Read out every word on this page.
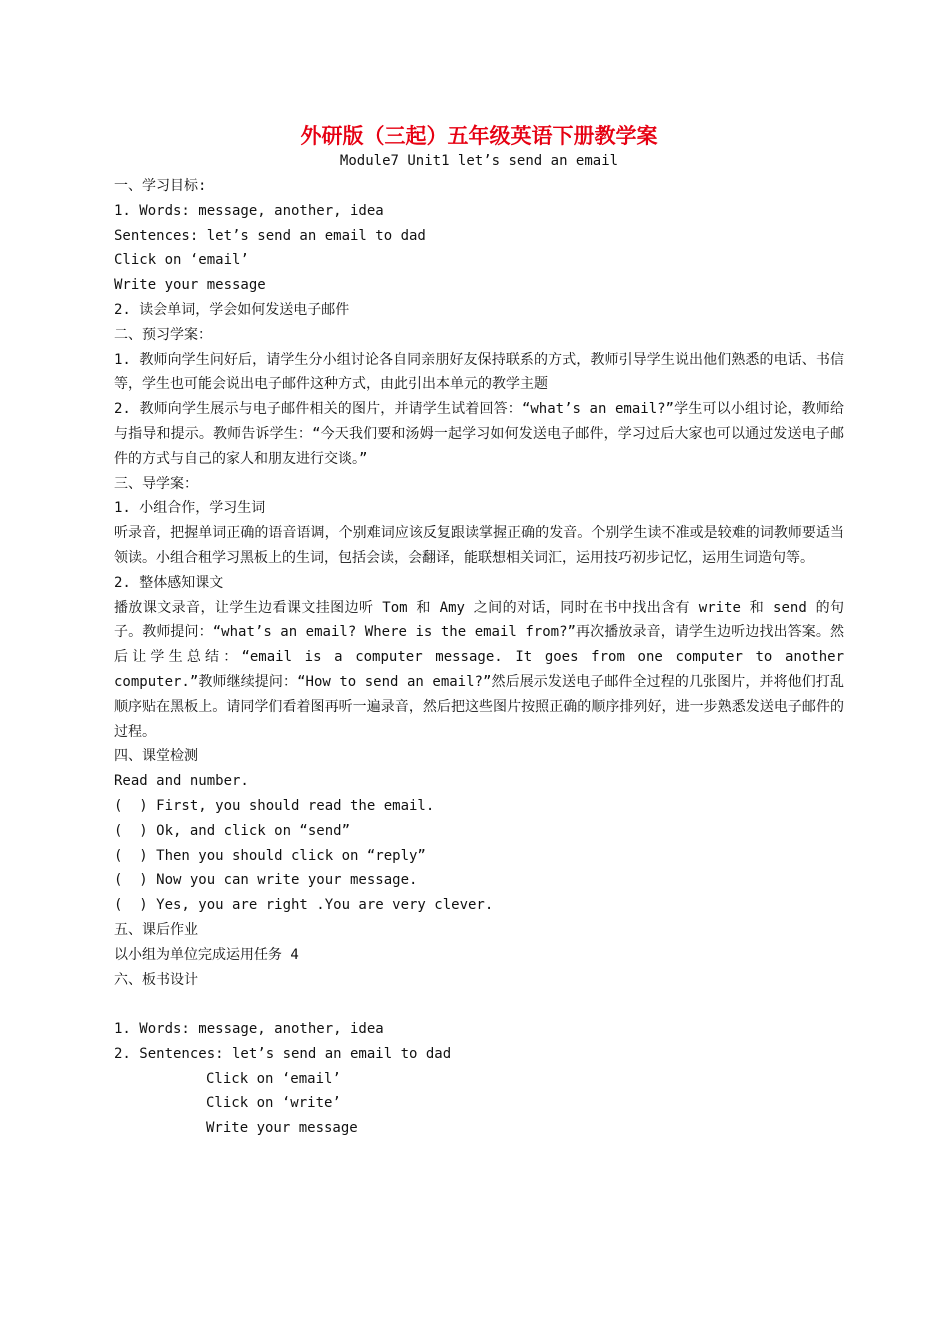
外研版（三起）五年级英语下册教学案
Module7 Unit1 let’s send an email

一、学习目标:

1. Words: message, another, idea

Sentences: let’s send an email to dad

Click on ‘email’

Write your message

2. 读会单词，学会如何发送电子邮件

二、预习学案：

1. 教师向学生问好后，请学生分小组讨论各自同亲朋好友保持联系的方式，教师引导学生说出他们熟悉的电话、书信等，学生也可能会说出电子邮件这种方式，由此引出本单元的教学主题

2. 教师向学生展示与电子邮件相关的图片，并请学生试着回答：“what’s an email?”学生可以小组讨论，教师给与指导和提示。教师告诉学生：“今天我们要和汤姆一起学习如何发送电子邮件，学习过后大家也可以通过发送电子邮件的方式与自己的家人和朋友进行交谈。”

三、导学案：

1. 小组合作，学习生词

听录音，把握单词正确的语音语调，个别难词应该反复跟读掌握正确的发音。个别学生读不准或是较难的词教师要适当领读。小组合租学习黑板上的生词，包括会读，会翻译，能联想相关词汇，运用技巧初步记忆，运用生词造句等。

2. 整体感知课文

播放课文录音，让学生边看课文挂图边听 Tom 和 Amy 之间的对话，同时在书中找出含有 write 和 send 的句子。教师提问：“what’s an email? Where is the email from?”再次播放录音，请学生边听边找出答案。然后让学生总结：“email is a computer message. It goes from one computer to another computer.”教师继续提问：“How to send an email?”然后展示发送电子邮件全过程的几张图片，并将他们打乱顺序贴在黑板上。请同学们看着图再听一遍录音，然后把这些图片按照正确的顺序排列好，进一步熟悉发送电子邮件的过程。

四、课堂检测

Read and number.

(  ) First, you should read the email.

(  ) Ok, and click on “send”

(  ) Then you should click on “reply”

(  ) Now you can write your message.

(  ) Yes, you are right .You are very clever.

五、课后作业

以小组为单位完成运用任务 4

六、板书设计

1. Words: message, another, idea

2. Sentences: let’s send an email to dad

Click on ‘email’

Click on ‘write’

Write your message
